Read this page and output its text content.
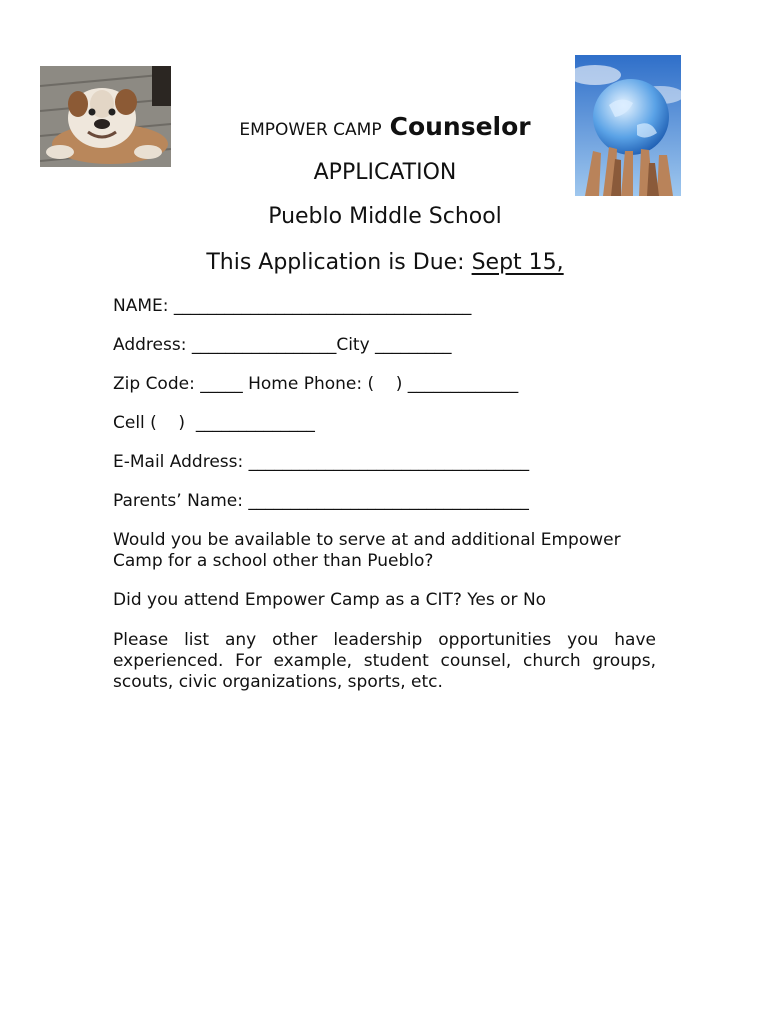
EMPOWER CAMP Counselor
APPLICATION
Pueblo Middle School
This Application is Due: Sept 15,
NAME: ___________________________________
Address: _________________City _________
Zip Code: _____ Home Phone: (    ) _____________
Cell (    )  ______________
E-Mail Address: _________________________________
Parents’ Name: _________________________________
Would you be available to serve at and additional Empower Camp for a school other than Pueblo?
Did you attend Empower Camp as a CIT? Yes or No
Please list any other leadership opportunities you have experienced. For example, student counsel, church groups, scouts, civic organizations, sports, etc.
